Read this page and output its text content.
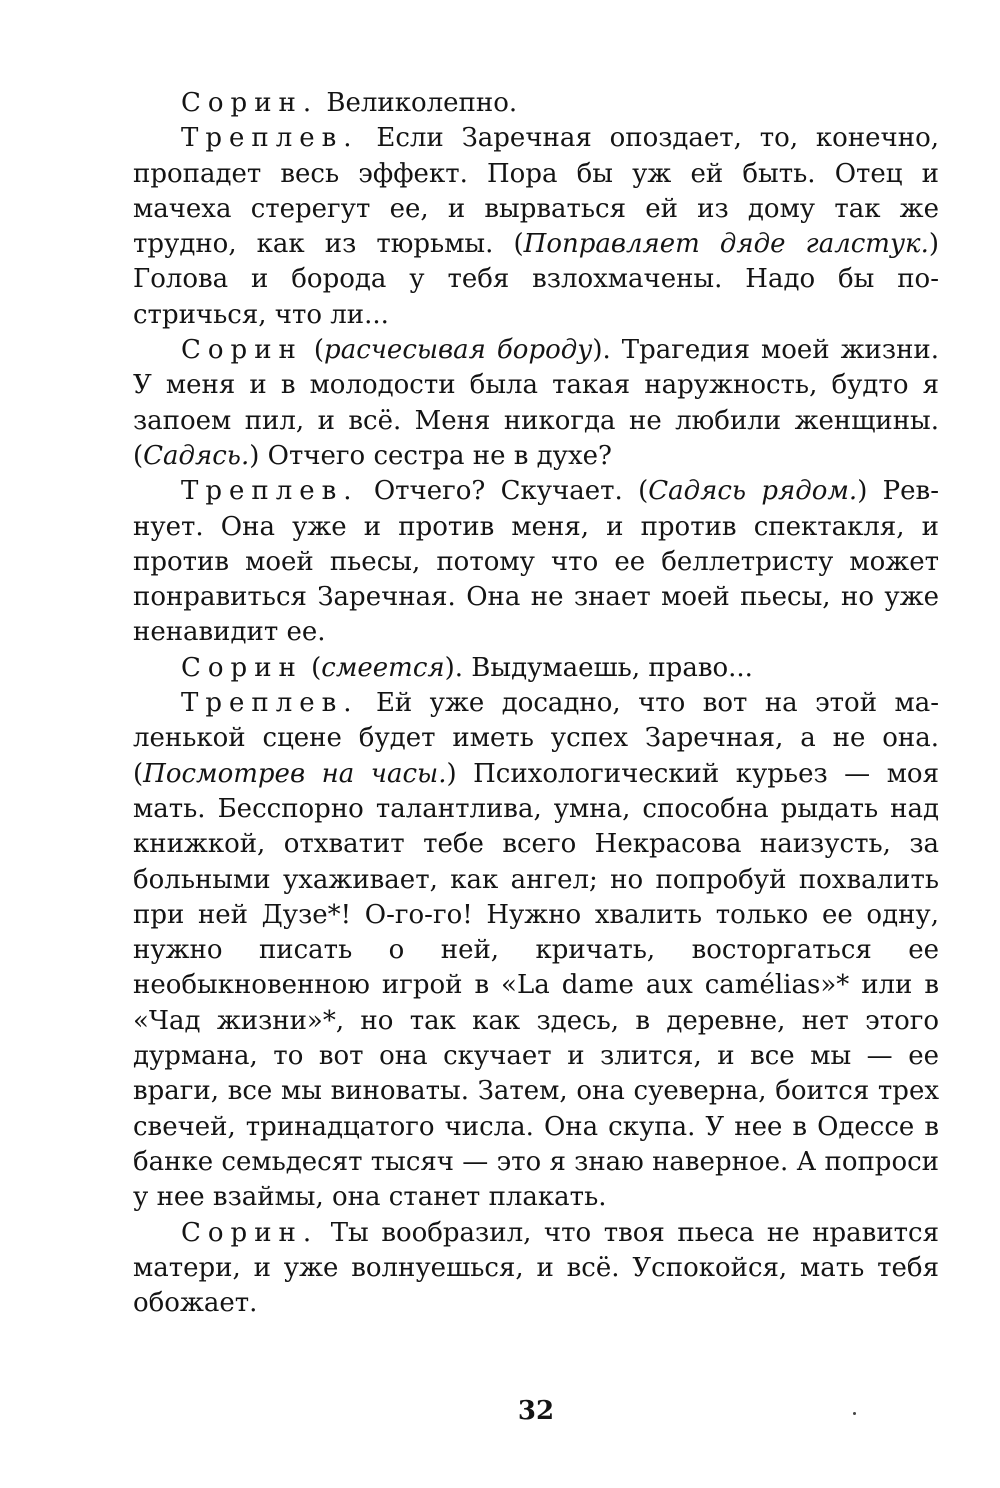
Сорин. Великолепно.

Треплев. Если Заречная опоздает, то, конечно, пропадет весь эффект. Пора бы уж ей быть. Отец и мачеха стерегут ее, и вырваться ей из дому так же трудно, как из тюрьмы. (Поправляет дяде галстук.) Голова и борода у тебя взлохмачены. Надо бы постричься, что ли...

Сорин (расчесывая бороду). Трагедия моей жизни. У меня и в молодости была такая наружность, будто я запоем пил, и всё. Меня никогда не любили женщины. (Садясь.) Отчего сестра не в духе?

Треплев. Отчего? Скучает. (Садясь рядом.) Ревнует. Она уже и против меня, и против спектакля, и против моей пьесы, потому что ее беллетристу может понравиться Заречная. Она не знает моей пьесы, но уже ненавидит ее.

Сорин (смеется). Выдумаешь, право...

Треплев. Ей уже досадно, что вот на этой маленькой сцене будет иметь успех Заречная, а не она. (Посмотрев на часы.) Психологический курьез — моя мать. Бесспорно талантлива, умна, способна рыдать над книжкой, отхватит тебе всего Некрасова наизусть, за больными ухаживает, как ангел; но попробуй похвалить при ней Дузе*! О-го-го! Нужно хвалить только ее одну, нужно писать о ней, кричать, восторгаться ее необыкновенною игрой в «La dame aux camélias»* или в «Чад жизни»*, но так как здесь, в деревне, нет этого дурмана, то вот она скучает и злится, и все мы — ее враги, все мы виноваты. Затем, она суеверна, боится трех свечей, тринадцатого числа. Она скупа. У нее в Одессе в банке семьдесят тысяч — это я знаю наверное. А попроси у нее взаймы, она станет плакать.

Сорин. Ты вообразил, что твоя пьеса не нравится матери, и уже волнуешься, и всё. Успокойся, мать тебя обожает.

32
